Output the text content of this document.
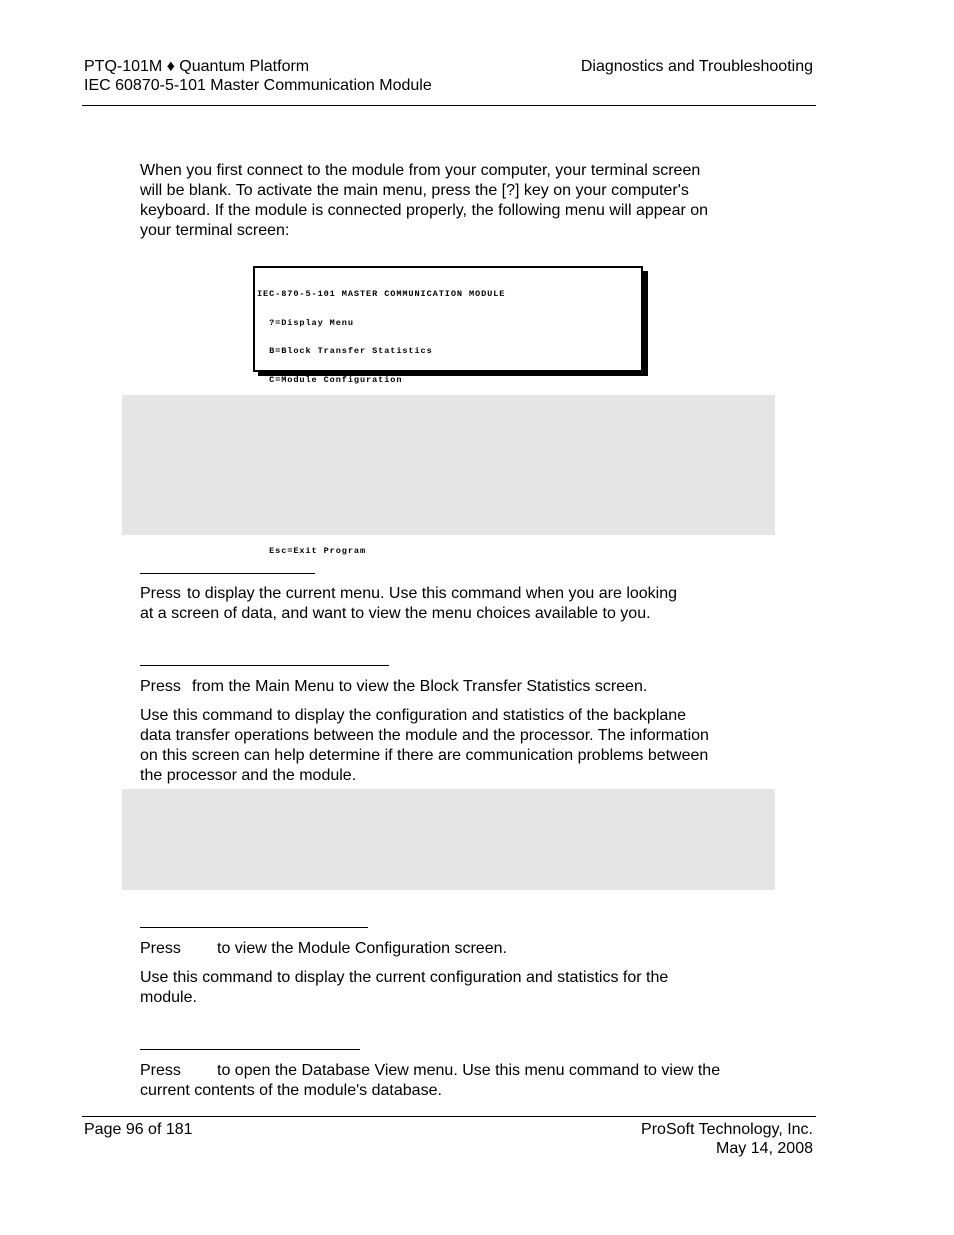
PTQ-101M ♦ Quantum Platform
IEC 60870-5-101 Master Communication Module
Diagnostics and Troubleshooting
When you first connect to the module from your computer, your terminal screen
will be blank. To activate the main menu, press the [?] key on your computer's
keyboard. If the module is connected properly, the following menu will appear on
your terminal screen:

IEC-870-5-101 MASTER COMMUNICATION MODULE

?=Display Menu

B=Block Transfer Statistics

C=Module Configuration

Esc=Exit Program

Press to display the current menu. Use this command when you are looking
at a screen of data, and want to view the menu choices available to you.
Press from the Main Menu to view the Block Transfer Statistics screen.
Use this command to display the configuration and statistics of the backplane
data transfer operations between the module and the processor. The information
on this screen can help determine if there are communication problems between
the processor and the module.
Press to view the Module Configuration screen.
Use this command to display the current configuration and statistics for the
module.
Press to open the Database View menu. Use this menu command to view the
current contents of the module's database.
Page 96 of 181	ProSoft Technology, Inc.
May 14, 2008
